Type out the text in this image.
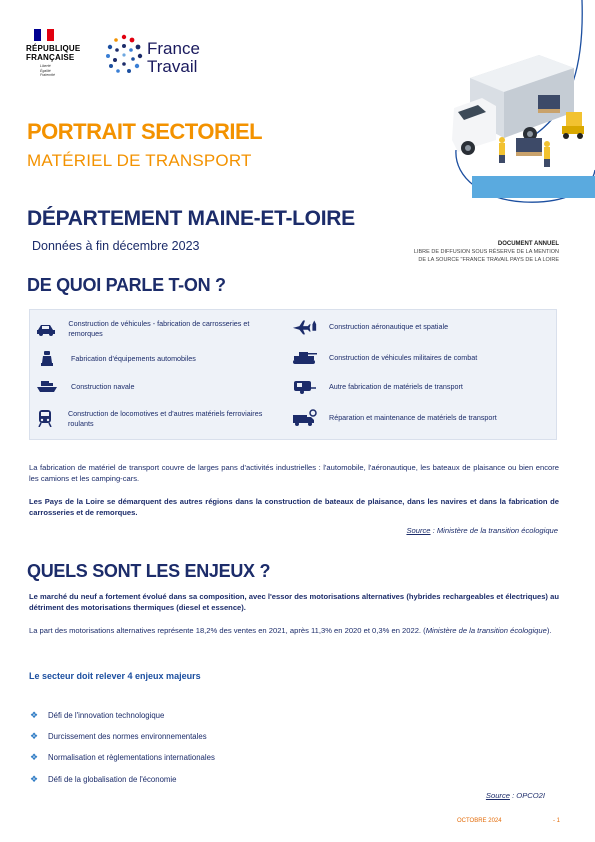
RÉPUBLIQUE
FRANÇAISE
Liberté
Égalité
Fraternité
France
Travail
PORTRAIT SECTORIEL
MATÉRIEL DE TRANSPORT
DÉPARTEMENT MAINE-ET-LOIRE
Données à fin décembre 2023	DOCUMENT ANNUEL
LIBRE DE DIFFUSION SOUS RÉSERVE DE LA MENTION
DE LA SOURCE "FRANCE TRAVAIL PAYS DE LA LOIRE
DE QUOI PARLE T-ON ?
Construction de véhicules - fabrication de carrosseries et remorques
Fabrication d'équipements automobiles
Construction navale
Construction de locomotives et d'autres matériels ferroviaires roulants
Construction aéronautique et spatiale
Construction de véhicules militaires de combat
Autre fabrication de matériels de transport
Réparation et maintenance de matériels de transport
La fabrication de matériel de transport couvre de larges pans d'activités industrielles : l'automobile, l'aéronautique, les bateaux de plaisance ou bien encore les camions et les camping-cars.
Les Pays de la Loire se démarquent des autres régions dans la construction de bateaux de plaisance, dans les navires et dans la fabrication de carrosseries et de remorques.
Source : Ministère de la transition écologique
QUELS SONT LES ENJEUX ?
Le marché du neuf a fortement évolué dans sa composition, avec l'essor des motorisations alternatives (hybrides rechargeables et électriques) au détriment des motorisations thermiques (diesel et essence).
La part des motorisations alternatives représente 18,2% des ventes en 2021, après 11,3% en 2020 et 0,3% en 2022. (Ministère de la transition écologique).
Le secteur doit relever 4 enjeux majeurs
❖	Défi de l'innovation technologique
❖	Durcissement des normes environnementales
❖	Normalisation et règlementations internationales
❖	Défi de la globalisation de l'économie
Source : OPCO2I
OCTOBRE 2024	- 1
